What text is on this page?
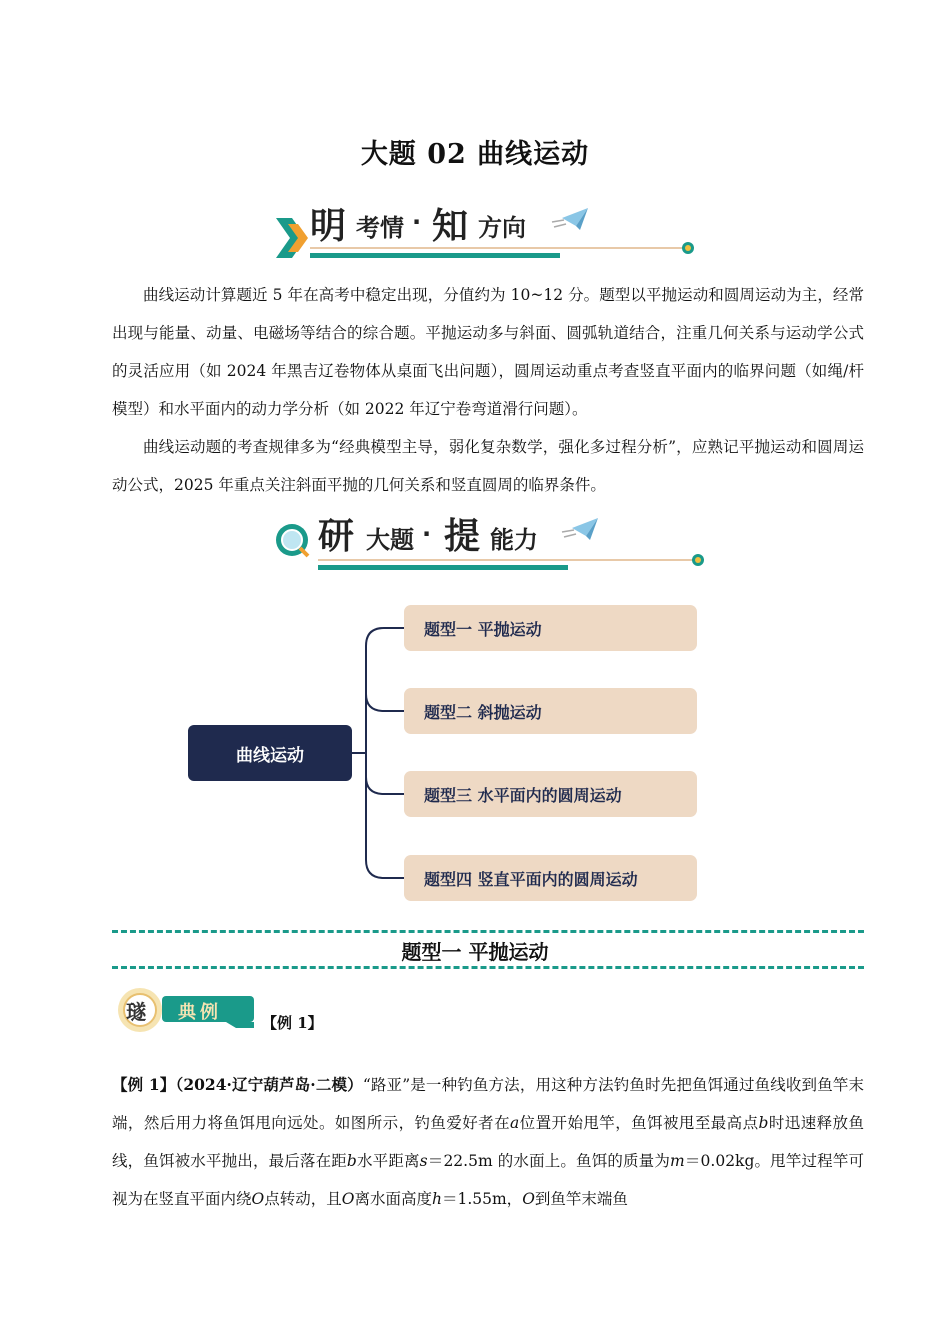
大题 02 曲线运动
明 考情 · 知 方向

曲线运动计算题近 5 年在高考中稳定出现，分值约为 10~12 分。题型以平抛运动和圆周运动为主，经常出现与能量、动量、电磁场等结合的综合题。平抛运动多与斜面、圆弧轨道结合，注重几何关系与运动学公式的灵活应用（如 2024 年黑吉辽卷物体从桌面飞出问题），圆周运动重点考查竖直平面内的临界问题（如绳/杆模型）和水平面内的动力学分析（如 2022 年辽宁卷弯道滑行问题）。

曲线运动题的考查规律多为“经典模型主导，弱化复杂数学，强化多过程分析”，应熟记平抛运动和圆周运动公式，2025 年重点关注斜面平抛的几何关系和竖直圆周的临界条件。

研 大题 · 提 能力
曲线运动
题型一 平抛运动
题型二 斜抛运动
题型三 水平面内的圆周运动
题型四 竖直平面内的圆周运动
题型一 平抛运动
璲 典例	【例 1】
【例 1】（2024·辽宁葫芦岛·二模）“路亚”是一种钓鱼方法，用这种方法钓鱼时先把鱼饵通过鱼线收到鱼竿末端，然后用力将鱼饵甩向远处。如图所示，钓鱼爱好者在a位置开始甩竿，鱼饵被甩至最高点b时迅速释放鱼线，鱼饵被水平抛出，最后落在距b水平距离s＝22.5m 的水面上。鱼饵的质量为m＝0.02kg。甩竿过程竿可视为在竖直平面内绕O点转动，且O离水面高度h＝1.55m，O到鱼竿末端鱼
